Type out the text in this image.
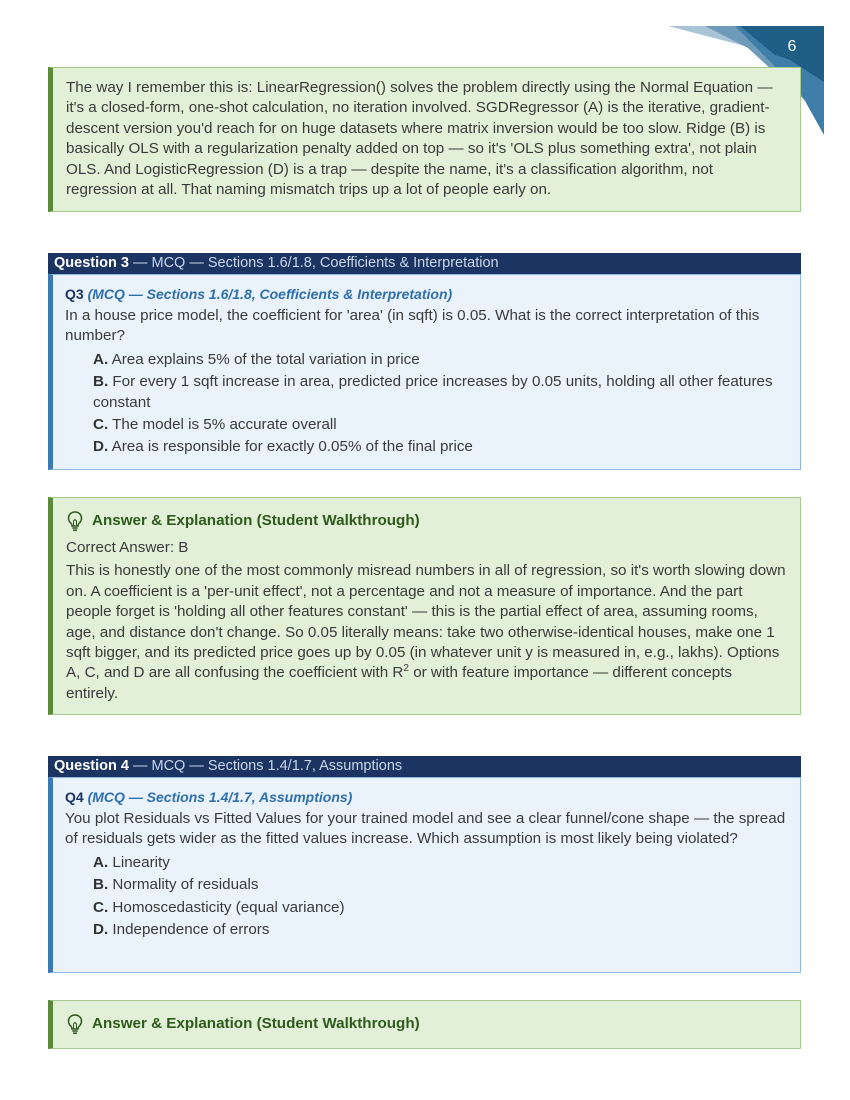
6
The way I remember this is: LinearRegression() solves the problem directly using the Normal Equation — it's a closed-form, one-shot calculation, no iteration involved. SGDRegressor (A) is the iterative, gradient-descent version you'd reach for on huge datasets where matrix inversion would be too slow. Ridge (B) is basically OLS with a regularization penalty added on top — so it's 'OLS plus something extra', not plain OLS. And LogisticRegression (D) is a trap — despite the name, it's a classification algorithm, not regression at all. That naming mismatch trips up a lot of people early on.
Question 3 — MCQ — Sections 1.6/1.8, Coefficients & Interpretation
Q3 (MCQ — Sections 1.6/1.8, Coefficients & Interpretation)
In a house price model, the coefficient for 'area' (in sqft) is 0.05. What is the correct interpretation of this number?
A. Area explains 5% of the total variation in price
B. For every 1 sqft increase in area, predicted price increases by 0.05 units, holding all other features constant
C. The model is 5% accurate overall
D. Area is responsible for exactly 0.05% of the final price
Answer & Explanation (Student Walkthrough)
Correct Answer: B
This is honestly one of the most commonly misread numbers in all of regression, so it's worth slowing down on. A coefficient is a 'per-unit effect', not a percentage and not a measure of importance. And the part people forget is 'holding all other features constant' — this is the partial effect of area, assuming rooms, age, and distance don't change. So 0.05 literally means: take two otherwise-identical houses, make one 1 sqft bigger, and its predicted price goes up by 0.05 (in whatever unit y is measured in, e.g., lakhs). Options A, C, and D are all confusing the coefficient with $R^2$ or with feature importance — different concepts entirely.
Question 4 — MCQ — Sections 1.4/1.7, Assumptions
Q4 (MCQ — Sections 1.4/1.7, Assumptions)
You plot Residuals vs Fitted Values for your trained model and see a clear funnel/cone shape — the spread of residuals gets wider as the fitted values increase. Which assumption is most likely being violated?
A. Linearity
B. Normality of residuals
C. Homoscedasticity (equal variance)
D. Independence of errors
Answer & Explanation (Student Walkthrough)
